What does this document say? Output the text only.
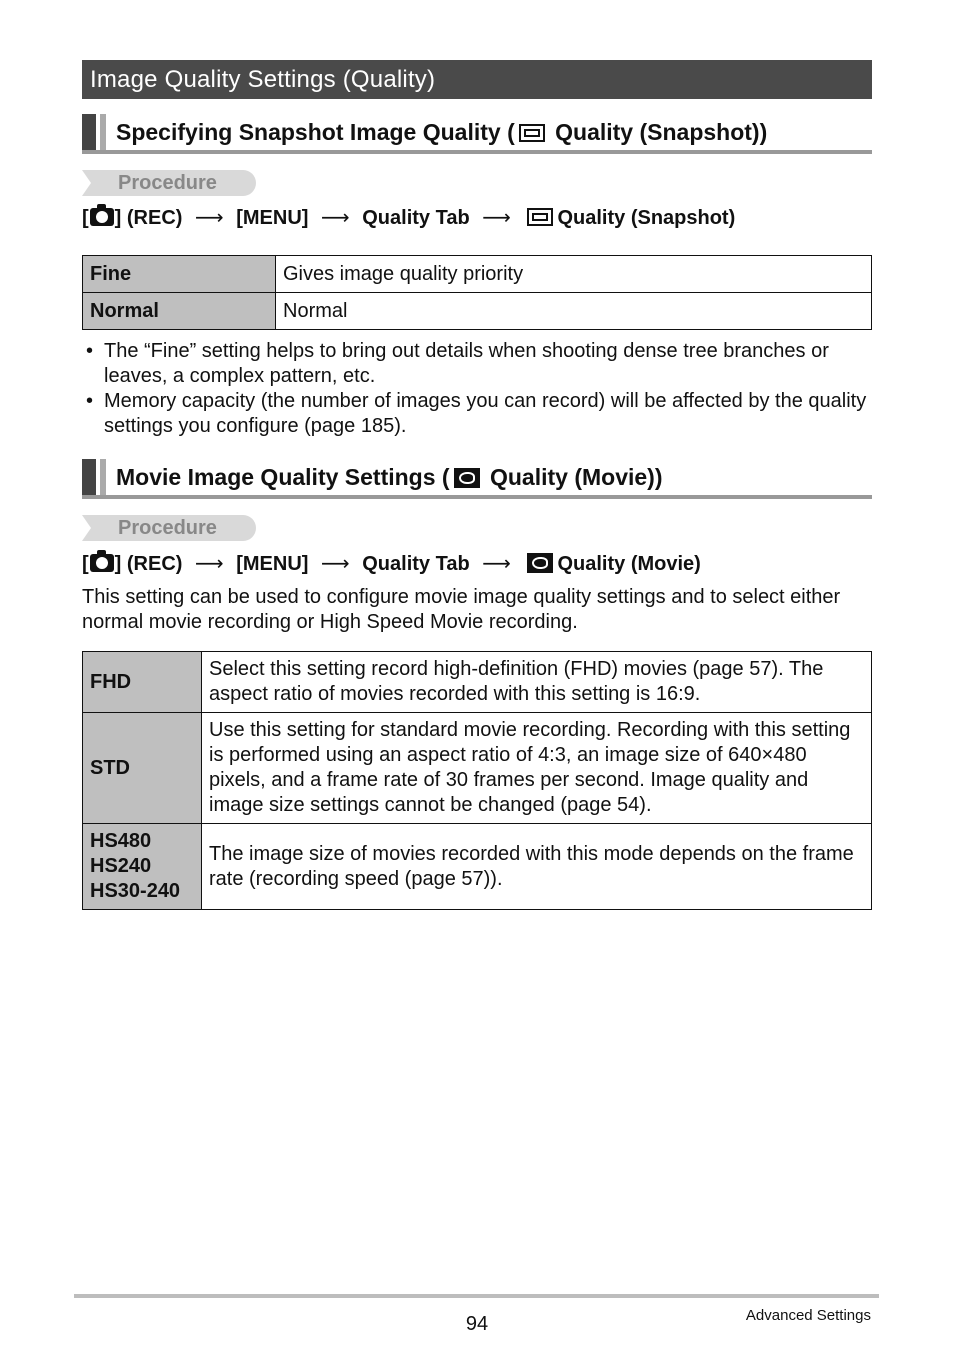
Image Quality Settings (Quality)
Specifying Snapshot Image Quality ( Quality (Snapshot))
Procedure
[ ] (REC) ⟶ [MENU] ⟶ Quality Tab ⟶ Quality (Snapshot)
Fine	Gives image quality priority
Normal	Normal
• The “Fine” setting helps to bring out details when shooting dense tree branches or leaves, a complex pattern, etc.
• Memory capacity (the number of images you can record) will be affected by the quality settings you configure (page 185).
Movie Image Quality Settings ( Quality (Movie))
Procedure
[ ] (REC) ⟶ [MENU] ⟶ Quality Tab ⟶ Quality (Movie)

This setting can be used to configure movie image quality settings and to select either normal movie recording or High Speed Movie recording.

FHD	Select this setting record high-definition (FHD) movies (page 57). The aspect ratio of movies recorded with this setting is 16:9.
STD	Use this setting for standard movie recording. Recording with this setting is performed using an aspect ratio of 4:3, an image size of 640×480 pixels, and a frame rate of 30 frames per second. Image quality and image size settings cannot be changed (page 54).

HS480
HS240
HS30-240	The image size of movies recorded with this mode depends on the frame rate (recording speed (page 57)).
94	Advanced Settings
